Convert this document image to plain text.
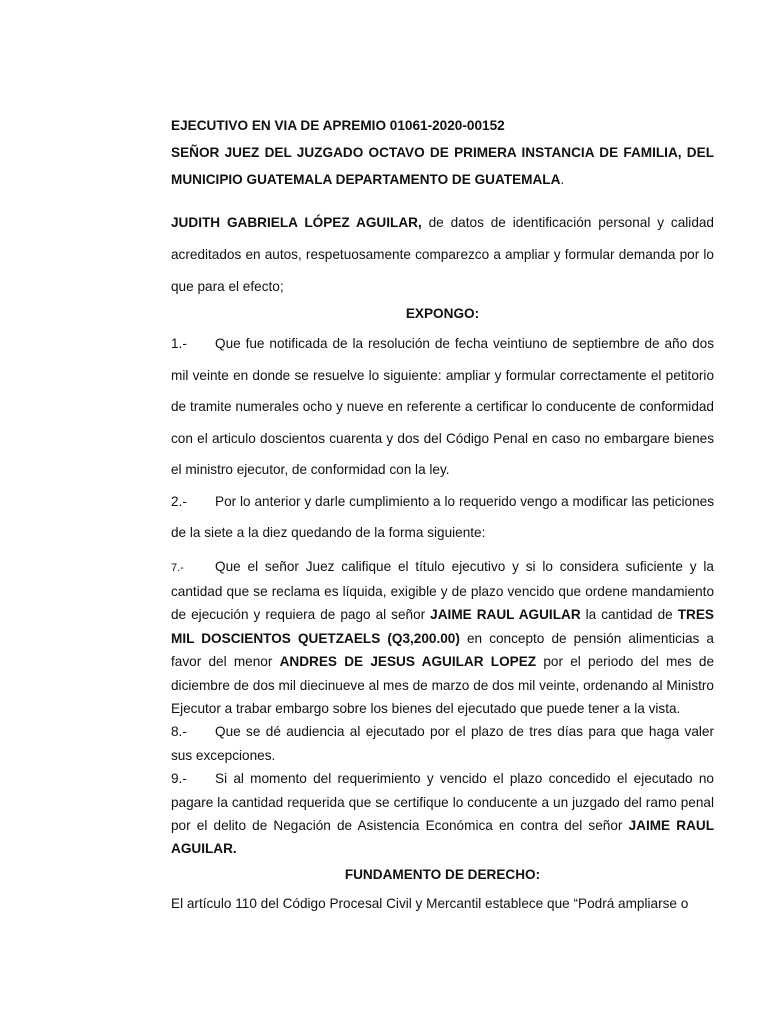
EJECUTIVO EN VIA DE APREMIO 01061-2020-00152

SEÑOR JUEZ DEL JUZGADO OCTAVO DE PRIMERA INSTANCIA DE FAMILIA, DEL MUNICIPIO GUATEMALA DEPARTAMENTO DE GUATEMALA.

JUDITH GABRIELA LÓPEZ AGUILAR, de datos de identificación personal y calidad acreditados en autos, respetuosamente comparezco a ampliar y formular demanda por lo que para el efecto;

EXPONGO:

1.- Que fue notificada de la resolución de fecha veintiuno de septiembre de año dos mil veinte en donde se resuelve lo siguiente: ampliar y formular correctamente el petitorio de tramite numerales ocho y nueve en referente a certificar lo conducente de conformidad con el articulo doscientos cuarenta y dos del Código Penal en caso no embargare bienes el ministro ejecutor, de conformidad con la ley.

2.- Por lo anterior y darle cumplimiento a lo requerido vengo a modificar las peticiones de la siete a la diez quedando de la forma siguiente:

7.- Que el señor Juez califique el título ejecutivo y si lo considera suficiente y la cantidad que se reclama es líquida, exigible y de plazo vencido que ordene mandamiento de ejecución y requiera de pago al señor JAIME RAUL AGUILAR la cantidad de TRES MIL DOSCIENTOS QUETZAELS (Q3,200.00) en concepto de pensión alimenticias a favor del menor ANDRES DE JESUS AGUILAR LOPEZ por el periodo del mes de diciembre de dos mil diecinueve al mes de marzo de dos mil veinte, ordenando al Ministro Ejecutor a trabar embargo sobre los bienes del ejecutado que puede tener a la vista.

8.- Que se dé audiencia al ejecutado por el plazo de tres días para que haga valer sus excepciones.

9.- Si al momento del requerimiento y vencido el plazo concedido el ejecutado no pagare la cantidad requerida que se certifique lo conducente a un juzgado del ramo penal por el delito de Negación de Asistencia Económica en contra del señor JAIME RAUL AGUILAR.

FUNDAMENTO DE DERECHO:

El artículo 110 del Código Procesal Civil y Mercantil establece que “Podrá ampliarse o
